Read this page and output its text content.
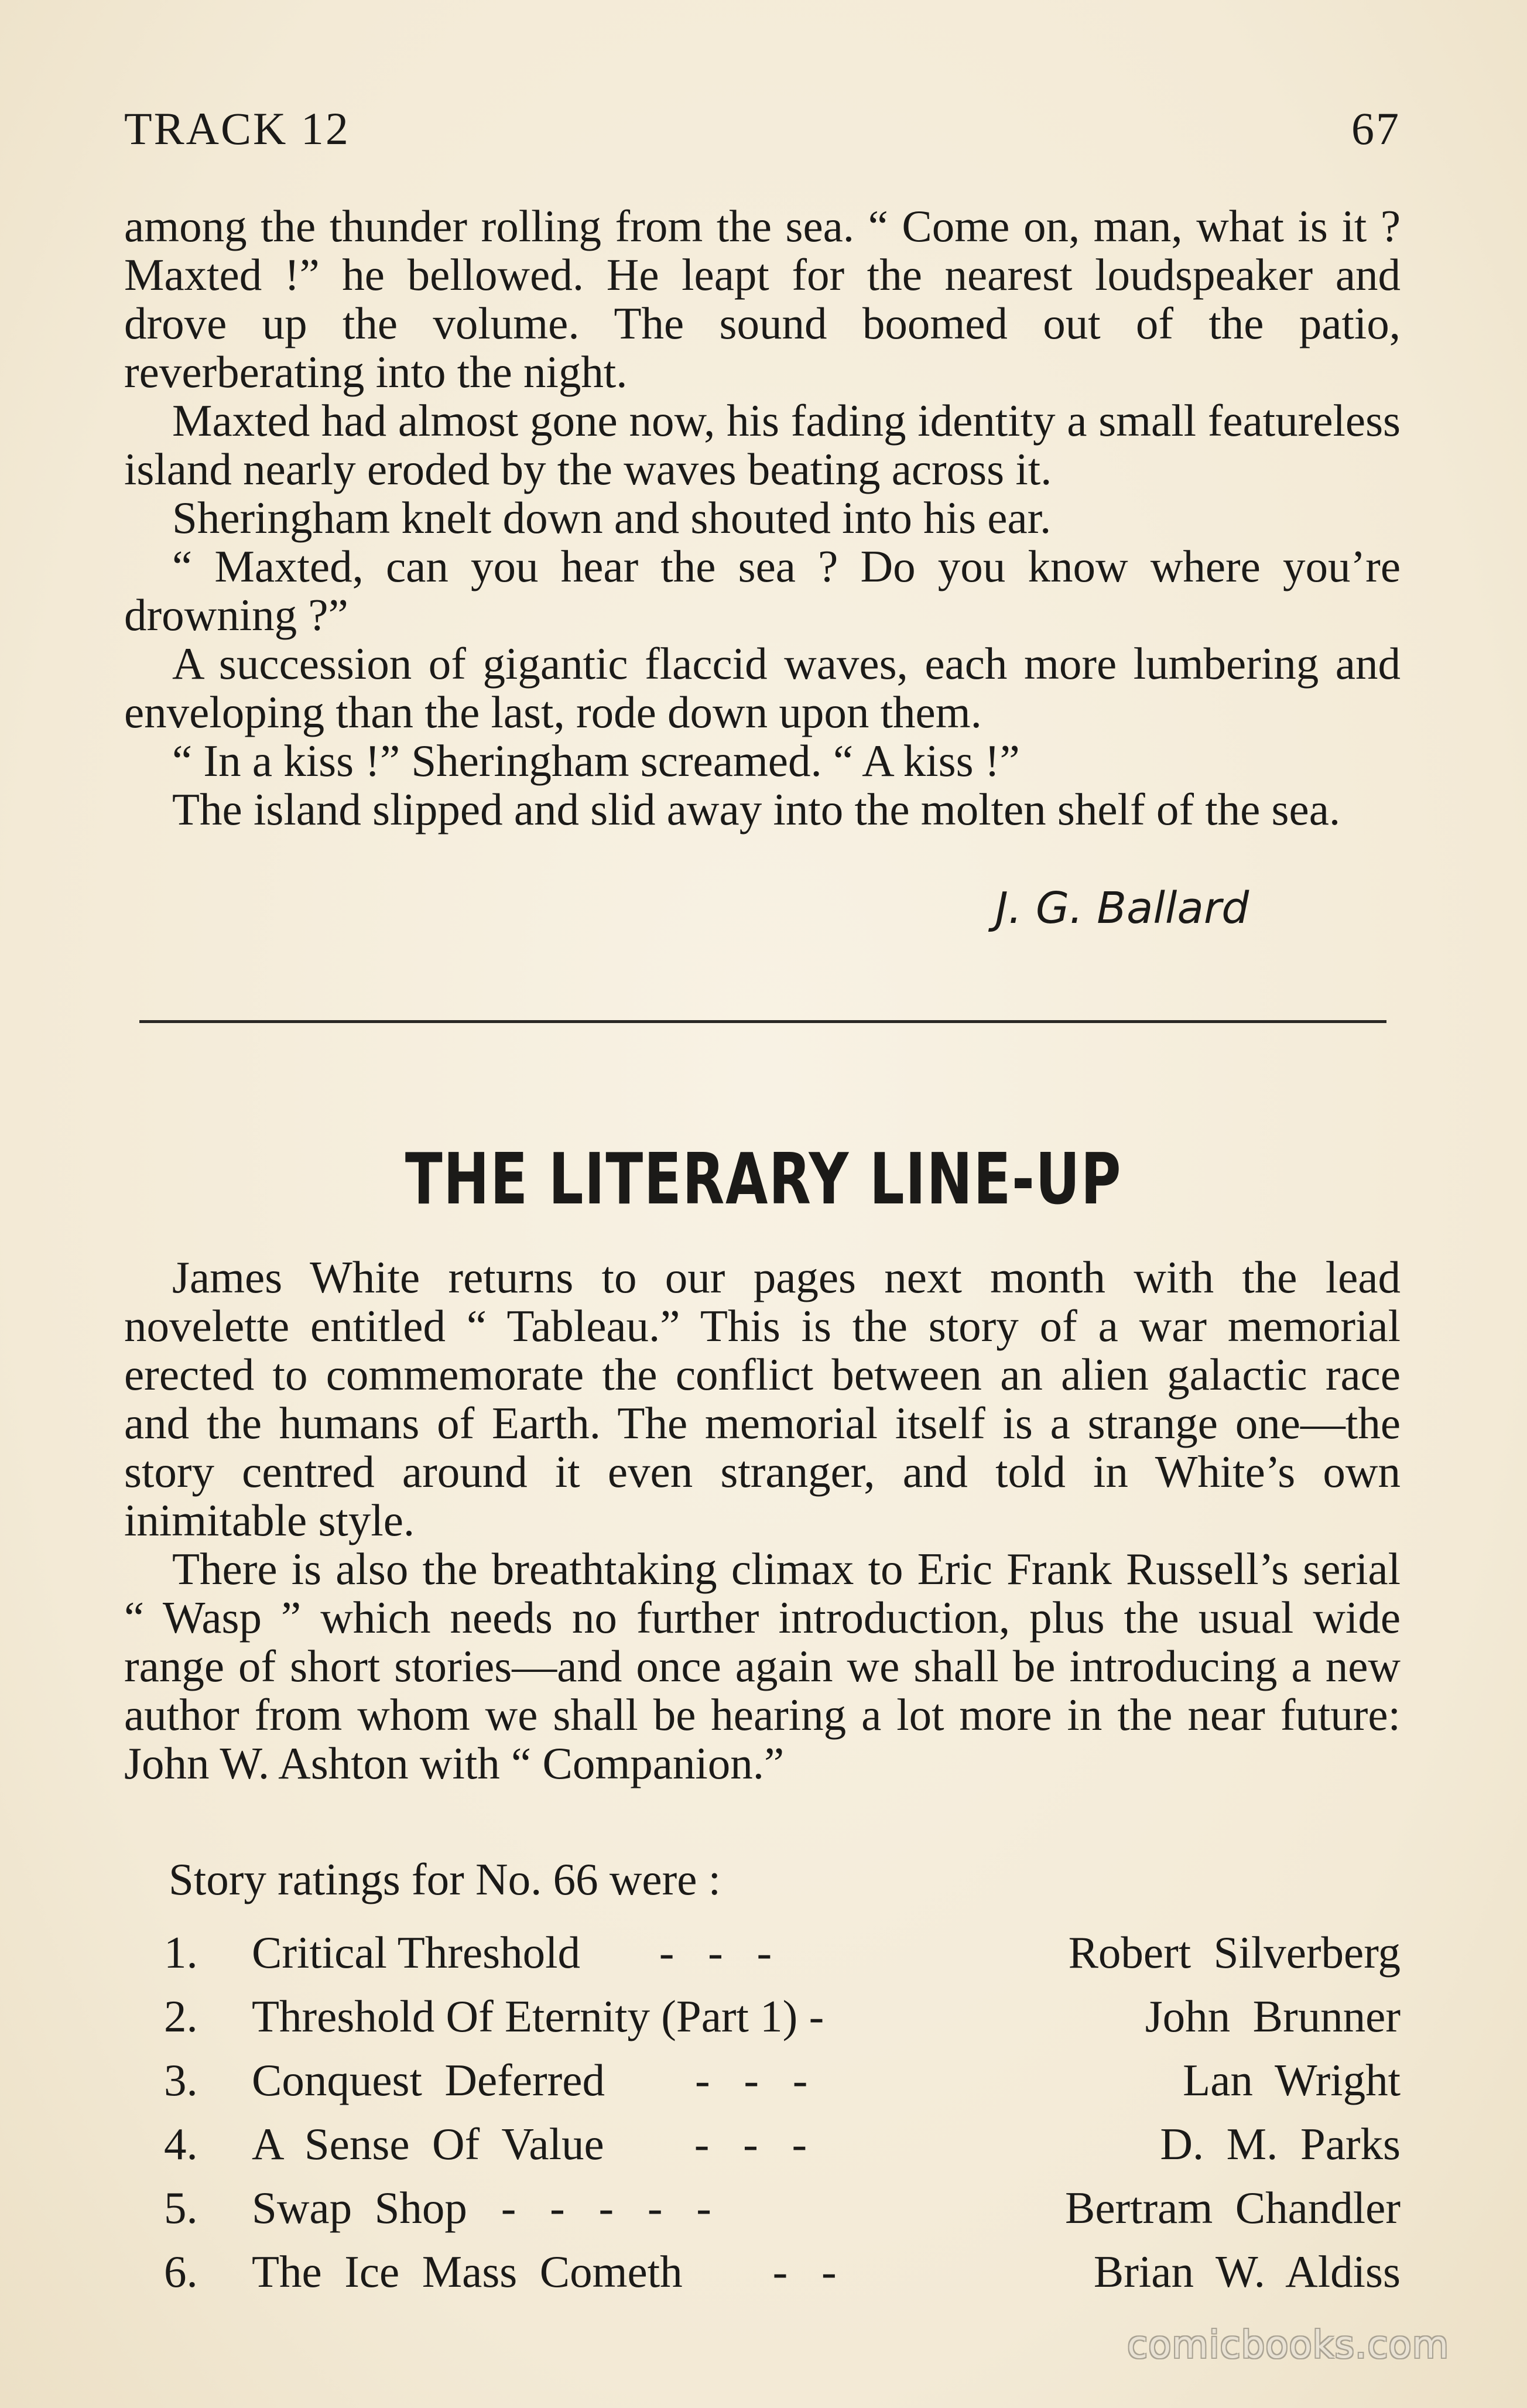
TRACK 12	67

among the thunder rolling from the sea. “ Come on, man, what is it ? Maxted !” he bellowed. He leapt for the nearest loudspeaker and drove up the volume. The sound boomed out of the patio, reverberating into the night.

Maxted had almost gone now, his fading identity a small featureless island nearly eroded by the waves beating across it.

Sheringham knelt down and shouted into his ear.

“ Maxted, can you hear the sea ? Do you know where you’re drowning ?”

A succession of gigantic flaccid waves, each more lumbering and enveloping than the last, rode down upon them.

“ In a kiss !” Sheringham screamed. “ A kiss !”

The island slipped and slid away into the molten shelf of the sea.

J. G. Ballard
THE LITERARY LINE-UP

James White returns to our pages next month with the lead novelette entitled “ Tableau.” This is the story of a war memorial erected to commemorate the conflict between an alien galactic race and the humans of Earth. The memorial itself is a strange one—the story centred around it even stranger, and told in White’s own inimitable style.

There is also the breathtaking climax to Eric Frank Russell’s serial “ Wasp ” which needs no further introduction, plus the usual wide range of short stories—and once again we shall be introducing a new author from whom we shall be hearing a lot more in the near future: John W. Ashton with “ Companion.”

Story ratings for No. 66 were :
1.	Critical Threshold -   -   -	Robert  Silverberg
2.	Threshold Of Eternity (Part 1) -	John  Brunner
3.	Conquest  Deferred -   -   -	Lan  Wright
4.	A  Sense  Of  Value -   -   -	D.  M.  Parks
5.	Swap  Shop -   -   -   -   -	Bertram  Chandler
6.	The  Ice  Mass  Cometh -   -	Brian  W.  Aldiss
comicbooks.com
